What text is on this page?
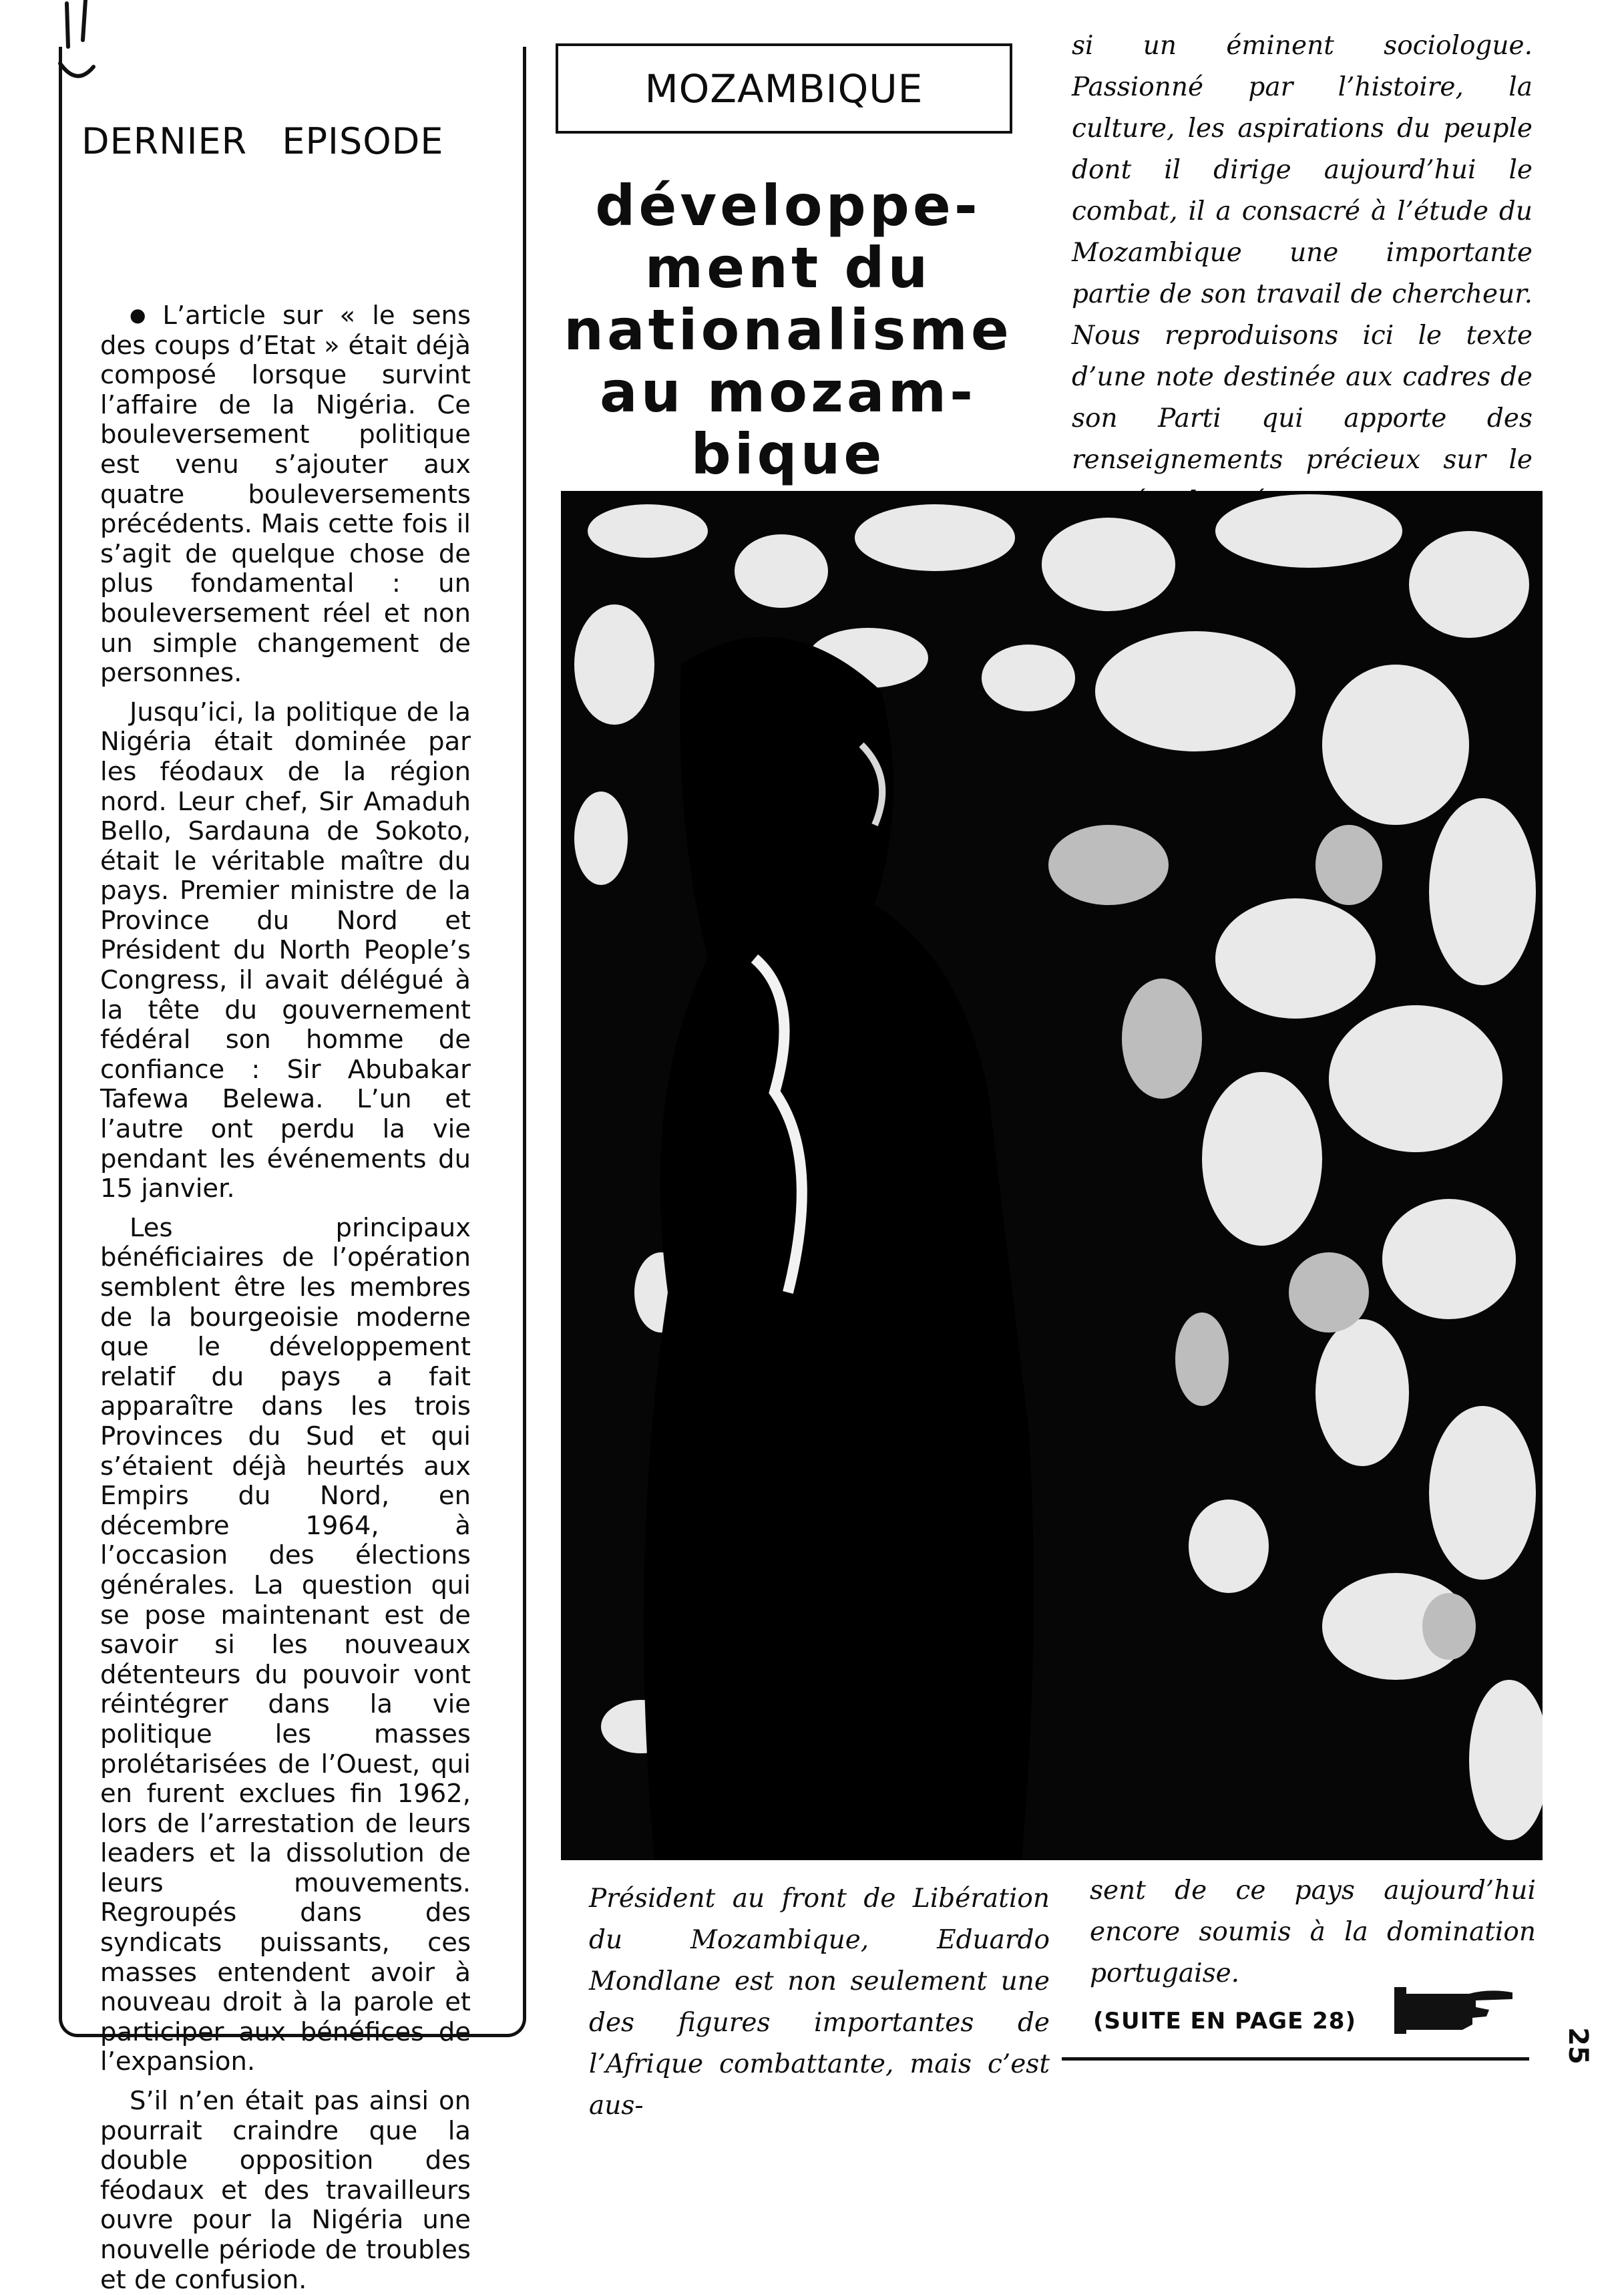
DERNIER EPISODE

● L’article sur « le sens des coups d’Etat » était déjà composé lorsque survint l’affaire de la Nigéria. Ce bouleversement politique est venu s’ajouter aux quatre bouleversements précédents. Mais cette fois il s’agit de quelque chose de plus fondamental : un bouleversement réel et non un simple changement de personnes.

Jusqu’ici, la politique de la Nigéria était dominée par les féodaux de la région nord. Leur chef, Sir Amaduh Bello, Sardauna de Sokoto, était le véritable maître du pays. Premier ministre de la Province du Nord et Président du North People’s Congress, il avait délégué à la tête du gouvernement fédéral son homme de confiance : Sir Abubakar Tafewa Belewa. L’un et l’autre ont perdu la vie pendant les événements du 15 janvier.

Les principaux bénéficiaires de l’opération semblent être les membres de la bourgeoisie moderne que le développement relatif du pays a fait apparaître dans les trois Provinces du Sud et qui s’étaient déjà heurtés aux Empirs du Nord, en décembre 1964, à l’occasion des élections générales. La question qui se pose maintenant est de savoir si les nouveaux détenteurs du pouvoir vont réintégrer dans la vie politique les masses prolétarisées de l’Ouest, qui en furent exclues fin 1962, lors de l’arrestation de leurs leaders et la dissolution de leurs mouvements. Regroupés dans des syndicats puissants, ces masses entendent avoir à nouveau droit à la parole et participer aux bénéfices de l’expansion.

S’il n’en était pas ainsi on pourrait craindre que la double opposition des féodaux et des travailleurs ouvre pour la Nigéria une nouvelle période de troubles et de confusion.

MOZAMBIQUE
développe-
ment du
nationalisme
au mozam-
bique
si un éminent sociologue. Passionné par l’histoire, la culture, les aspirations du peuple dont il dirige aujourd’hui le combat, il a consacré à l’étude du Mozambique une importante partie de son travail de chercheur. Nous reproduisons ici le texte d’une note destinée aux cadres de son Parti qui apporte des renseignements précieux sur le
Président au front de Libération du Mozambique, Eduardo Mondlane est non seulement une des figures importantes de l’Afrique combattante, mais c’est aus-
sent de ce pays aujourd’hui encore soumis à la domination portugaise.
(SUITE EN PAGE 28)
25
